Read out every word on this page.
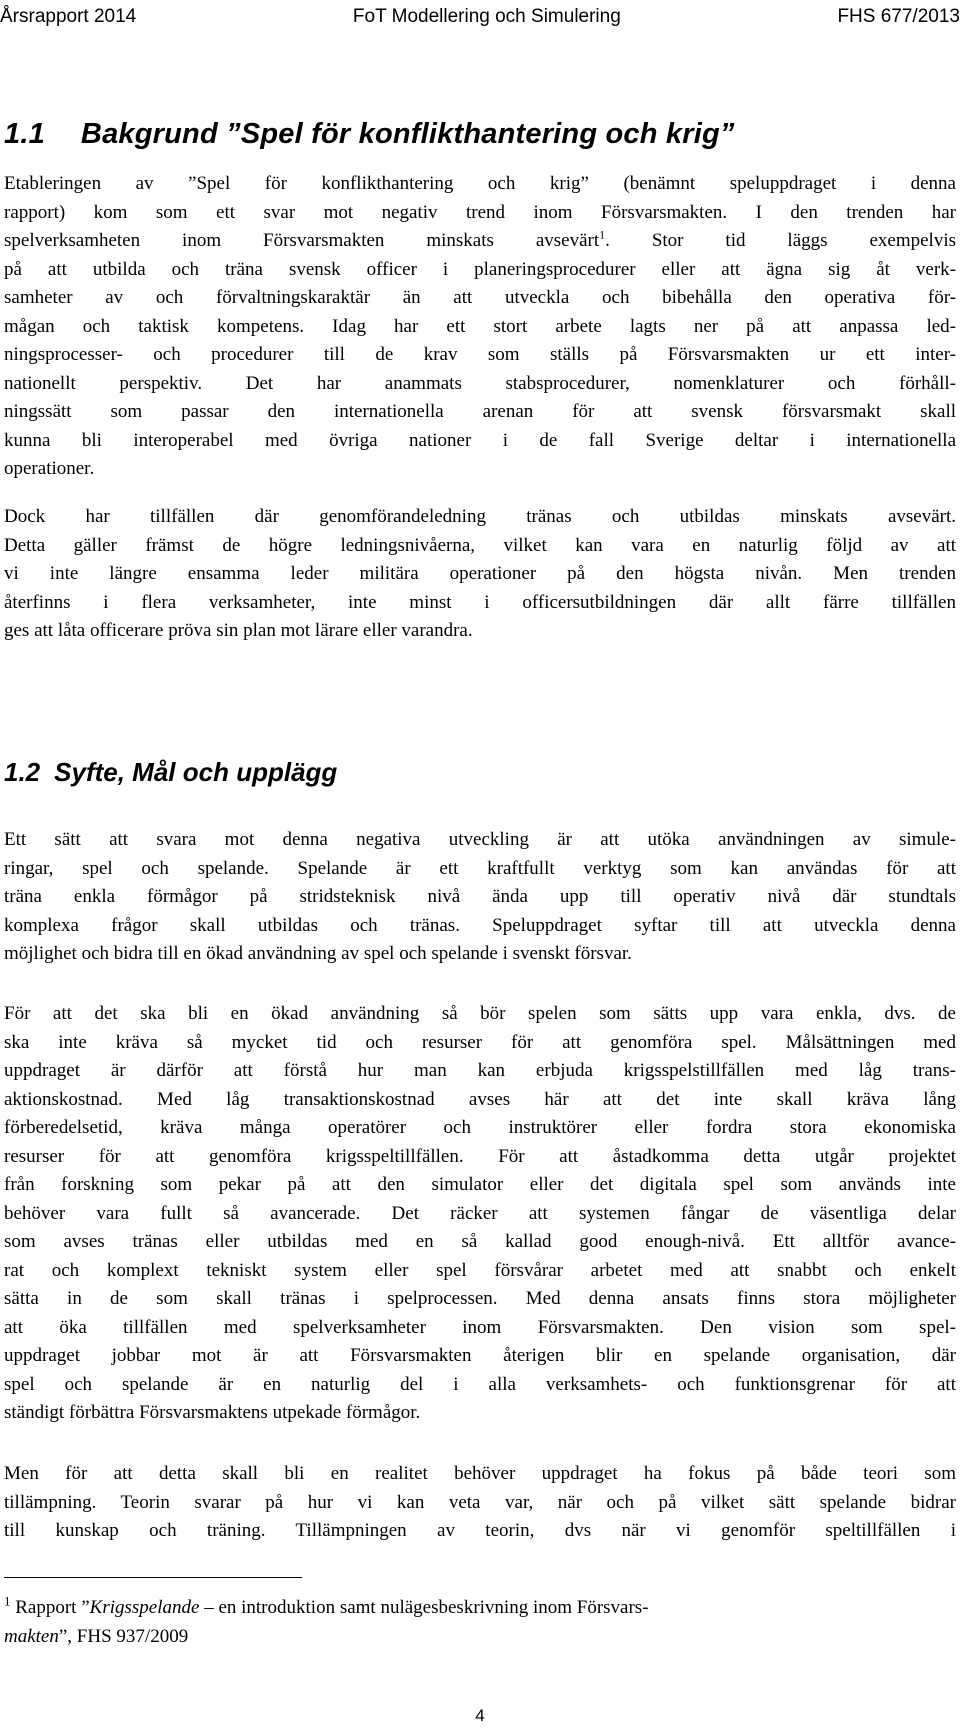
Årsrapport 2014	FoT Modellering och Simulering	FHS 677/2013
1.1 Bakgrund ”Spel för konflikthantering och krig”
Etableringen av ”Spel för konflikthantering och krig” (benämnt speluppdraget i denna
rapport) kom som ett svar mot negativ trend inom Försvarsmakten. I den trenden har
spelverksamheten inom Försvarsmakten minskats avsevärt$^1$. Stor tid läggs exempelvis
på att utbilda och träna svensk officer i planeringsprocedurer eller att ägna sig åt verk-
samheter av och förvaltningskaraktär än att utveckla och bibehålla den operativa för-
mågan och taktisk kompetens. Idag har ett stort arbete lagts ner på att anpassa led-
ningsprocesser- och procedurer till de krav som ställs på Försvarsmakten ur ett inter-
nationellt perspektiv. Det har anammats stabsprocedurer, nomenklaturer och förhåll-
ningssätt som passar den internationella arenan för att svensk försvarsmakt skall
kunna bli interoperabel med övriga nationer i de fall Sverige deltar i internationella
operationer.
Dock har tillfällen där genomförandeledning tränas och utbildas minskats avsevärt.
Detta gäller främst de högre ledningsnivåerna, vilket kan vara en naturlig följd av att
vi inte längre ensamma leder militära operationer på den högsta nivån. Men trenden
återfinns i flera verksamheter, inte minst i officersutbildningen där allt färre tillfällen
ges att låta officerare pröva sin plan mot lärare eller varandra.
1.2 Syfte, Mål och upplägg
Ett sätt att svara mot denna negativa utveckling är att utöka användningen av simule-
ringar, spel och spelande. Spelande är ett kraftfullt verktyg som kan användas för att
träna enkla förmågor på stridsteknisk nivå ända upp till operativ nivå där stundtals
komplexa frågor skall utbildas och tränas. Speluppdraget syftar till att utveckla denna
möjlighet och bidra till en ökad användning av spel och spelande i svenskt försvar.
För att det ska bli en ökad användning så bör spelen som sätts upp vara enkla, dvs. de
ska inte kräva så mycket tid och resurser för att genomföra spel. Målsättningen med
uppdraget är därför att förstå hur man kan erbjuda krigsspelstillfällen med låg trans-
aktionskostnad. Med låg transaktionskostnad avses här att det inte skall kräva lång
förberedelsetid, kräva många operatörer och instruktörer eller fordra stora ekonomiska
resurser för att genomföra krigsspeltillfällen. För att åstadkomma detta utgår projektet
från forskning som pekar på att den simulator eller det digitala spel som används inte
behöver vara fullt så avancerade. Det räcker att systemen fångar de väsentliga delar
som avses tränas eller utbildas med en så kallad good enough-nivå. Ett alltför avance-
rat och komplext tekniskt system eller spel försvårar arbetet med att snabbt och enkelt
sätta in de som skall tränas i spelprocessen. Med denna ansats finns stora möjligheter
att öka tillfällen med spelverksamheter inom Försvarsmakten. Den vision som spel-
uppdraget jobbar mot är att Försvarsmakten återigen blir en spelande organisation, där
spel och spelande är en naturlig del i alla verksamhets- och funktionsgrenar för att
ständigt förbättra Försvarsmaktens utpekade förmågor.
Men för att detta skall bli en realitet behöver uppdraget ha fokus på både teori som
tillämpning. Teorin svarar på hur vi kan veta var, när och på vilket sätt spelande bidrar
till kunskap och träning. Tillämpningen av teorin, dvs när vi genomför speltillfällen i
$^1$ Rapport ”Krigsspelande – en introduktion samt nulägesbeskrivning inom Försvars-
makten”, FHS 937/2009
4
